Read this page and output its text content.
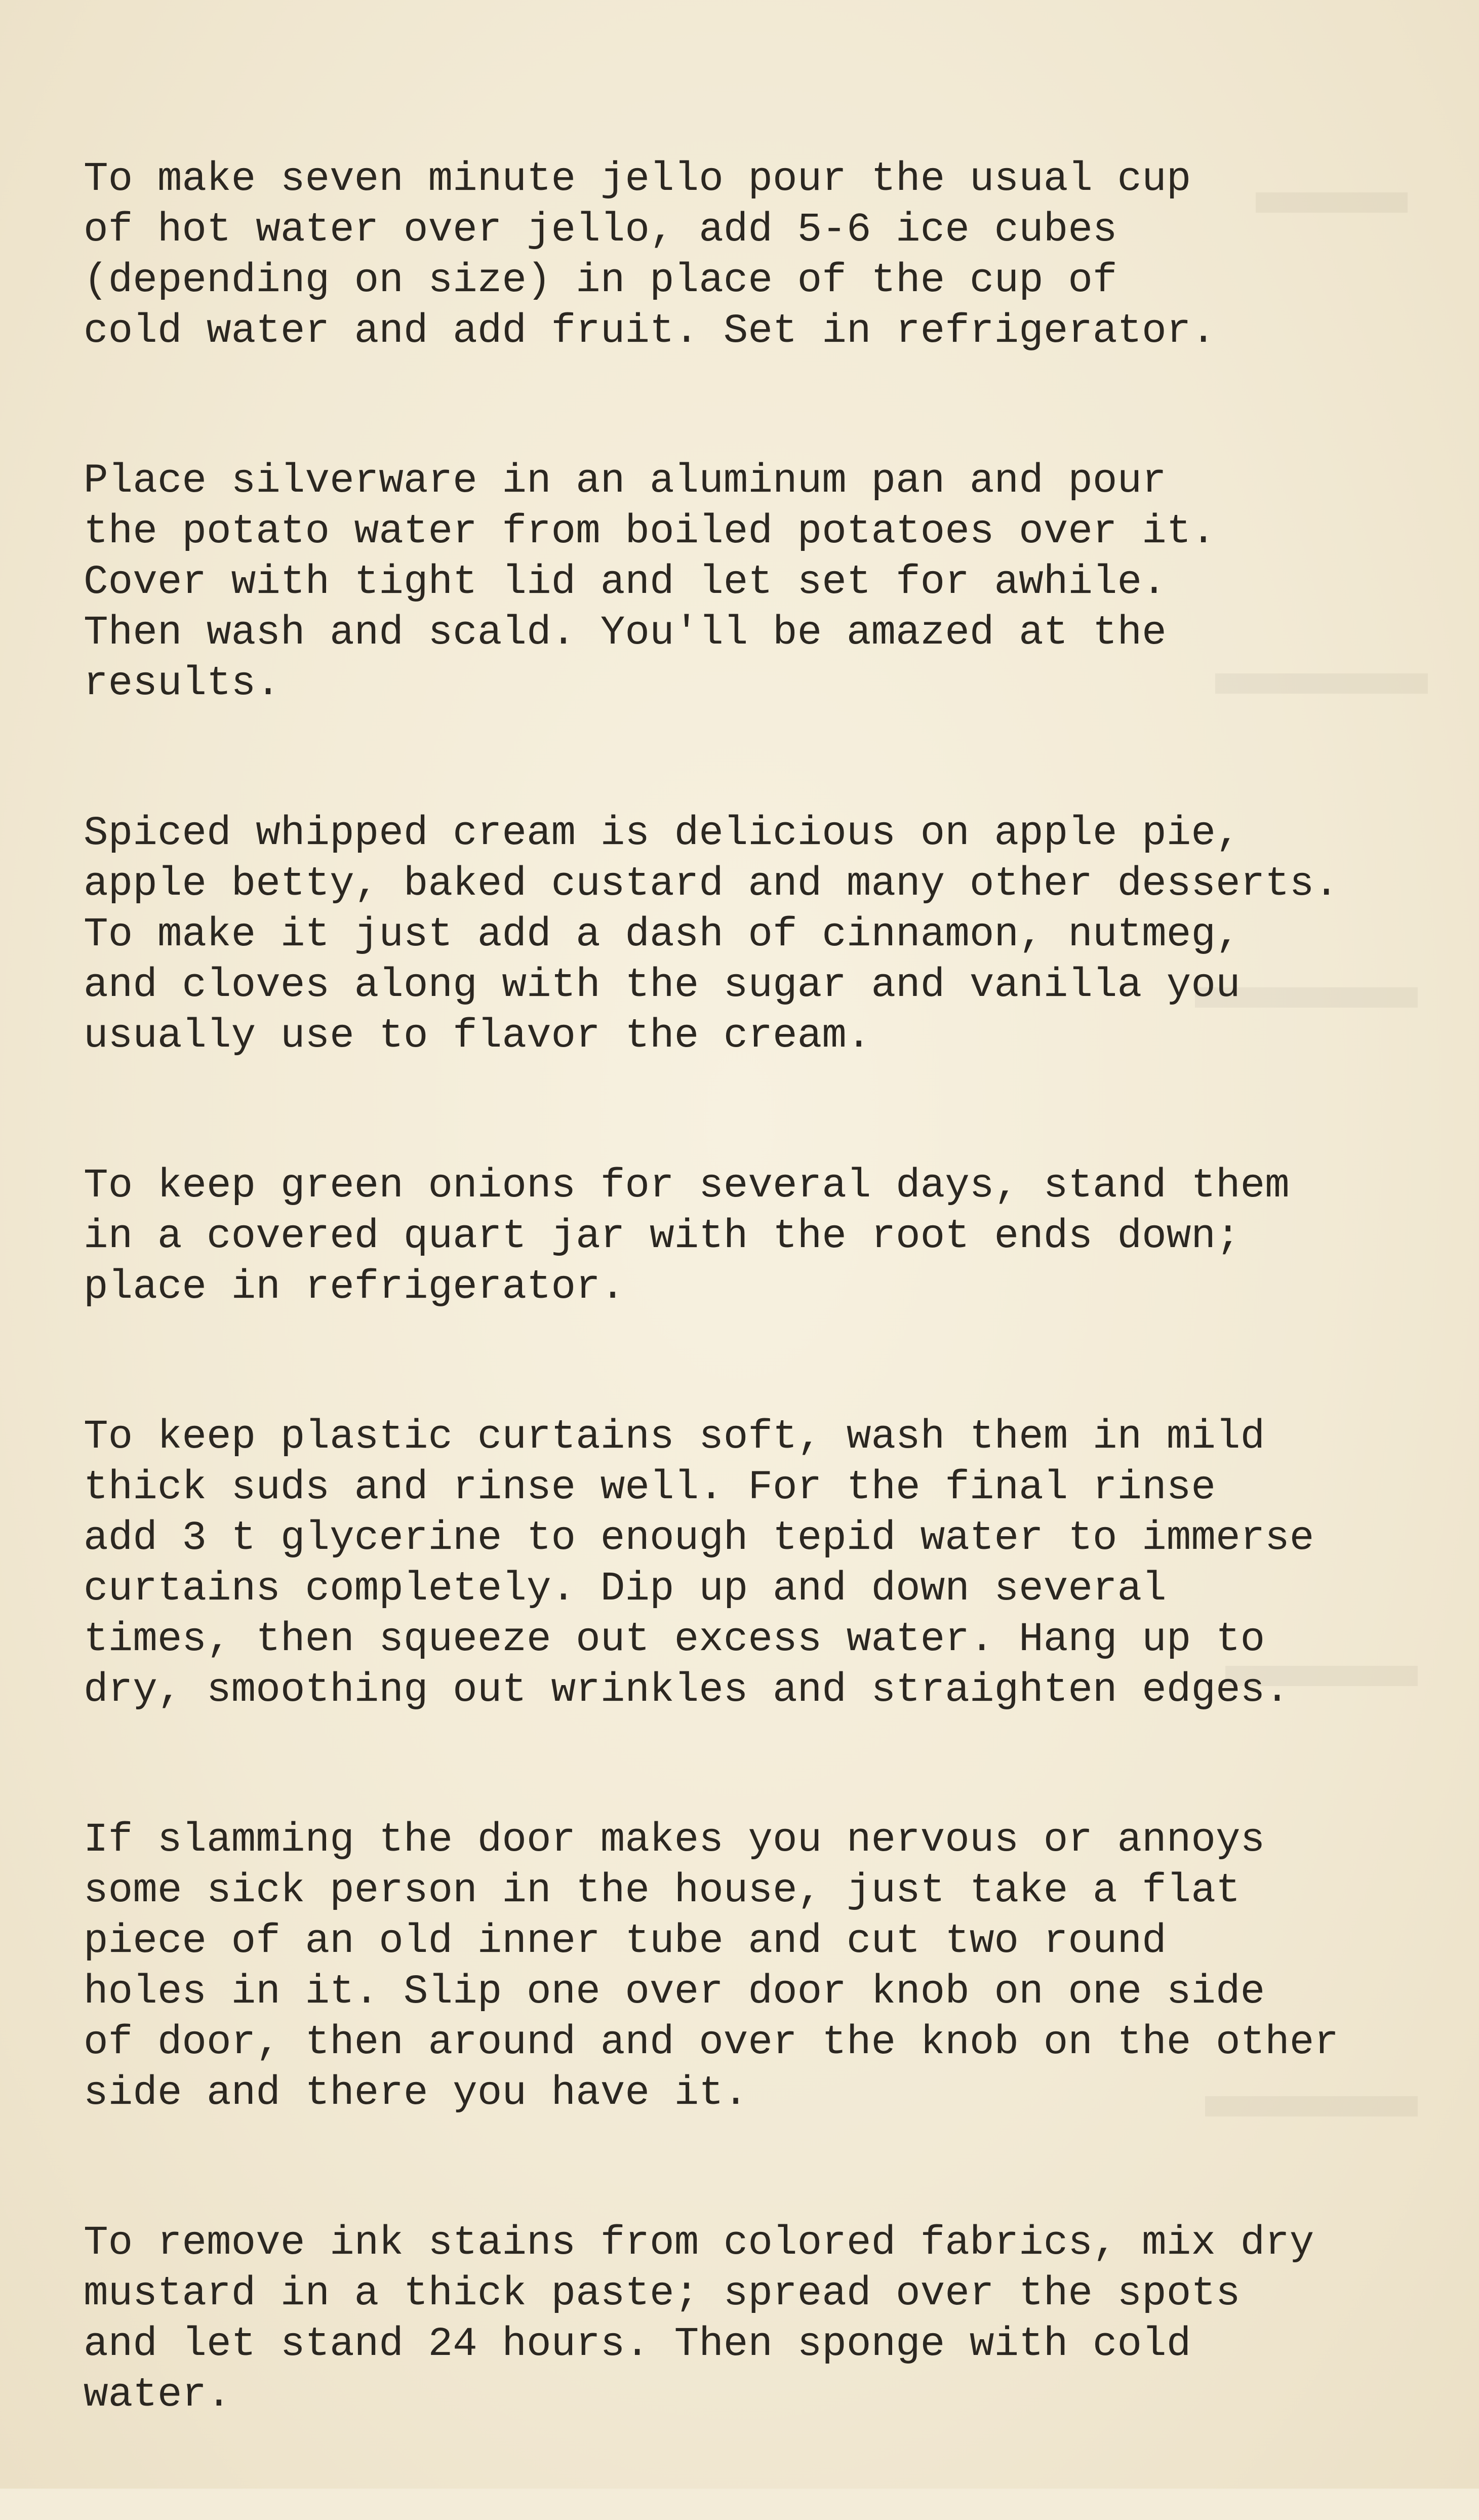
To make seven minute jello pour the usual cup
of hot water over jello, add 5-6 ice cubes
(depending on size) in place of the cup of
cold water and add fruit. Set in refrigerator.
Place silverware in an aluminum pan and pour
the potato water from boiled potatoes over it.
Cover with tight lid and let set for awhile.
Then wash and scald. You'll be amazed at the
results.
Spiced whipped cream is delicious on apple pie,
apple betty, baked custard and many other desserts.
To make it just add a dash of cinnamon, nutmeg,
and cloves along with the sugar and vanilla you
usually use to flavor the cream.
To keep green onions for several days, stand them
in a covered quart jar with the root ends down;
place in refrigerator.
To keep plastic curtains soft, wash them in mild
thick suds and rinse well. For the final rinse
add 3 t glycerine to enough tepid water to immerse
curtains completely. Dip up and down several
times, then squeeze out excess water. Hang up to
dry, smoothing out wrinkles and straighten edges.
If slamming the door makes you nervous or annoys
some sick person in the house, just take a flat
piece of an old inner tube and cut two round
holes in it. Slip one over door knob on one side
of door, then around and over the knob on the other
side and there you have it.
To remove ink stains from colored fabrics, mix dry
mustard in a thick paste; spread over the spots
and let stand 24 hours. Then sponge with cold
water.
